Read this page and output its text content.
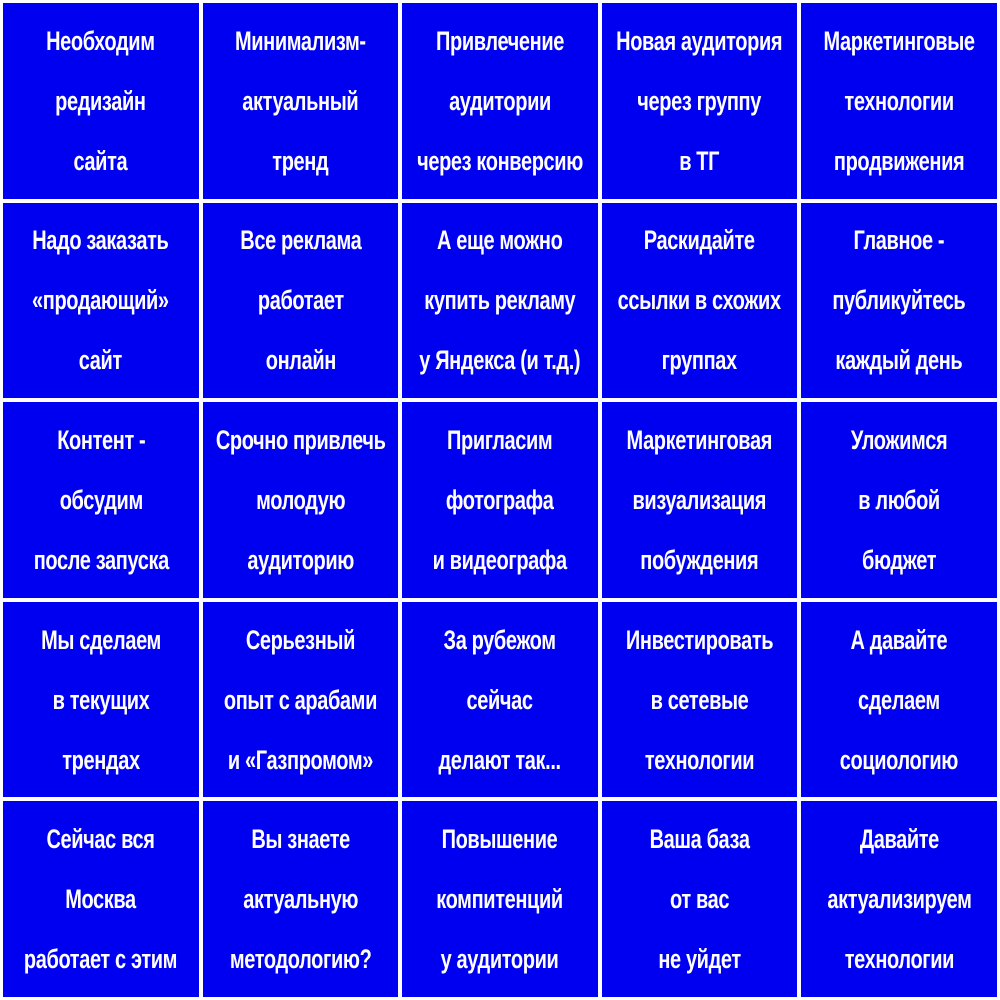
Необходим
редизайн
сайта
Минимализм-
актуальный
тренд
Привлечение
аудитории
через конверсию
Новая аудитория
через группу
в ТГ
Маркетинговые
технологии
продвижения
Надо заказать
«продающий»
сайт
Все реклама
работает
онлайн
А еще можно
купить рекламу
у Яндекса (и т.д.)
Раскидайте
ссылки в схожих
группах
Главное -
публикуйтесь
каждый день
Контент -
обсудим
после запуска
Срочно привлечь
молодую
аудиторию
Пригласим
фотографа
и видеографа
Маркетинговая
визуализация
побуждения
Уложимся
в любой
бюджет
Мы сделаем
в текущих
трендах
Серьезный
опыт с арабами
и «Газпромом»
За рубежом
сейчас
делают так...
Инвестировать
в сетевые
технологии
А давайте
сделаем
социологию
Сейчас вся
Москва
работает с этим
Вы знаете
актуальную
методологию?
Повышение
компитенций
у аудитории
Ваша база
от вас
не уйдет
Давайте
актуализируем
технологии
